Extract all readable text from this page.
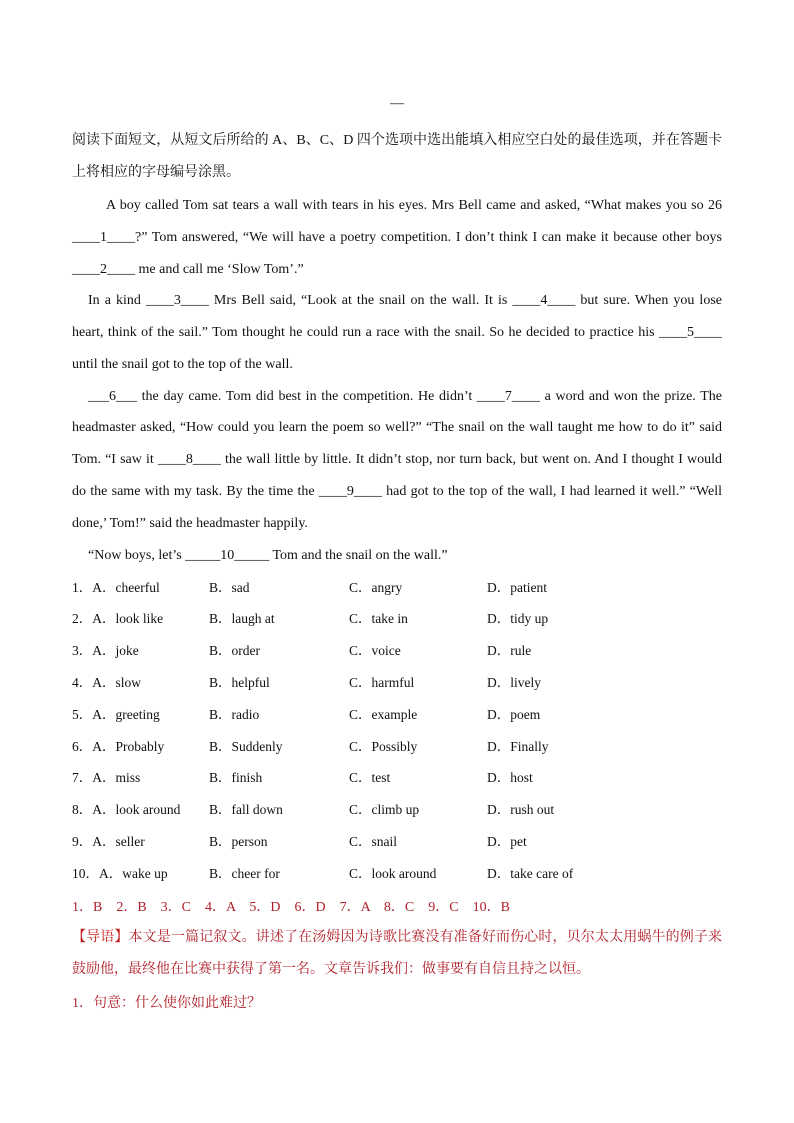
—
阅读下面短文，从短文后所给的 A、B、C、D 四个选项中选出能填入相应空白处的最佳选项，并在答题卡
上将相应的字母编号涂黑。
A boy called Tom sat tears a wall with tears in his eyes. Mrs Bell came and asked, “What makes you so 26
____1____?” Tom answered, “We will have a poetry competition. I don’t think I can make it because other boys
____2____ me and call me ‘Slow Tom’.”
In a kind ____3____ Mrs Bell said, “Look at the snail on the wall. It is ____4____ but sure. When you lose
heart, think of the sail.” Tom thought he could run a race with the snail. So he decided to practice his ____5____
until the snail got to the top of the wall.
___6___ the day came. Tom did best in the competition. He didn’t ____7____ a word and won the prize. The
headmaster asked, “How could you learn the poem so well?” “The snail on the wall taught me how to do it” said
Tom. “I saw it ____8____ the wall little by little. It didn’t stop, nor turn back, but went on. And I thought I would
do the same with my task. By the time the ____9____ had got to the top of the wall, I had learned it well.” “Well
done,’ Tom!” said the headmaster happily.
“Now boys, let’s _____10_____ Tom and the snail on the wall.”
1．A．cheerful	B．sad	C．angry	D．patient
2．A．look like	B．laugh at	C．take in	D．tidy up
3．A．joke	B．order	C．voice	D．rule
4．A．slow	B．helpful	C．harmful	D．lively
5．A．greeting	B．radio	C．example	D．poem
6．A．Probably	B．Suddenly	C．Possibly	D．Finally
7．A．miss	B．finish	C．test	D．host
8．A．look around B．fall down	C．climb up	D．rush out
9．A．seller	B．person	C．snail	D．pet
10．A．wake up	B．cheer for	C．look around	D．take care of
1．B　2．B　3．C　4．A　5．D　6．D　7．A　8．C　9．C　10．B
【导语】本文是一篇记叙文。讲述了在汤姆因为诗歌比赛没有准备好而伤心时，贝尔太太用蜗牛的例子来
鼓励他，最终他在比赛中获得了第一名。文章告诉我们：做事要有自信且持之以恒。
1．句意：什么使你如此难过？
